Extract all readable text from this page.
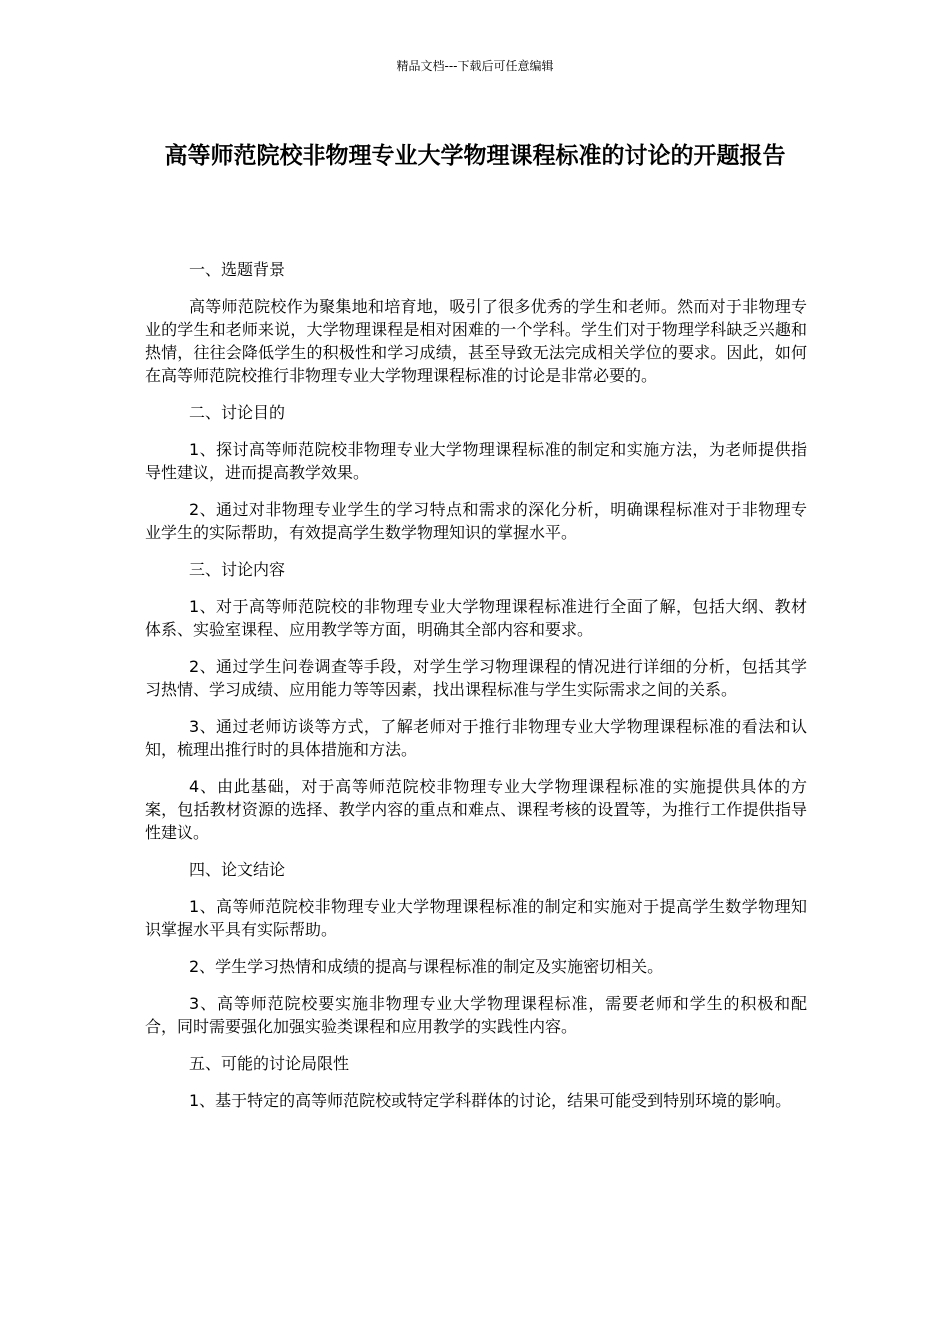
精品文档---下载后可任意编辑
高等师范院校非物理专业大学物理课程标准的讨论的开题报告
一、选题背景
高等师范院校作为聚集地和培育地，吸引了很多优秀的学生和老师。然而对于非物理专业的学生和老师来说，大学物理课程是相对困难的一个学科。学生们对于物理学科缺乏兴趣和热情，往往会降低学生的积极性和学习成绩，甚至导致无法完成相关学位的要求。因此，如何在高等师范院校推行非物理专业大学物理课程标准的讨论是非常必要的。
二、讨论目的
1、探讨高等师范院校非物理专业大学物理课程标准的制定和实施方法，为老师提供指导性建议，进而提高教学效果。
2、通过对非物理专业学生的学习特点和需求的深化分析，明确课程标准对于非物理专业学生的实际帮助，有效提高学生数学物理知识的掌握水平。
三、讨论内容
1、对于高等师范院校的非物理专业大学物理课程标准进行全面了解，包括大纲、教材体系、实验室课程、应用教学等方面，明确其全部内容和要求。
2、通过学生问卷调查等手段，对学生学习物理课程的情况进行详细的分析，包括其学习热情、学习成绩、应用能力等等因素，找出课程标准与学生实际需求之间的关系。
3、通过老师访谈等方式，了解老师对于推行非物理专业大学物理课程标准的看法和认知，梳理出推行时的具体措施和方法。
4、由此基础，对于高等师范院校非物理专业大学物理课程标准的实施提供具体的方案，包括教材资源的选择、教学内容的重点和难点、课程考核的设置等，为推行工作提供指导性建议。
四、论文结论
1、高等师范院校非物理专业大学物理课程标准的制定和实施对于提高学生数学物理知识掌握水平具有实际帮助。
2、学生学习热情和成绩的提高与课程标准的制定及实施密切相关。
3、高等师范院校要实施非物理专业大学物理课程标准，需要老师和学生的积极和配合，同时需要强化加强实验类课程和应用教学的实践性内容。
五、可能的讨论局限性
1、基于特定的高等师范院校或特定学科群体的讨论，结果可能受到特别环境的影响。
